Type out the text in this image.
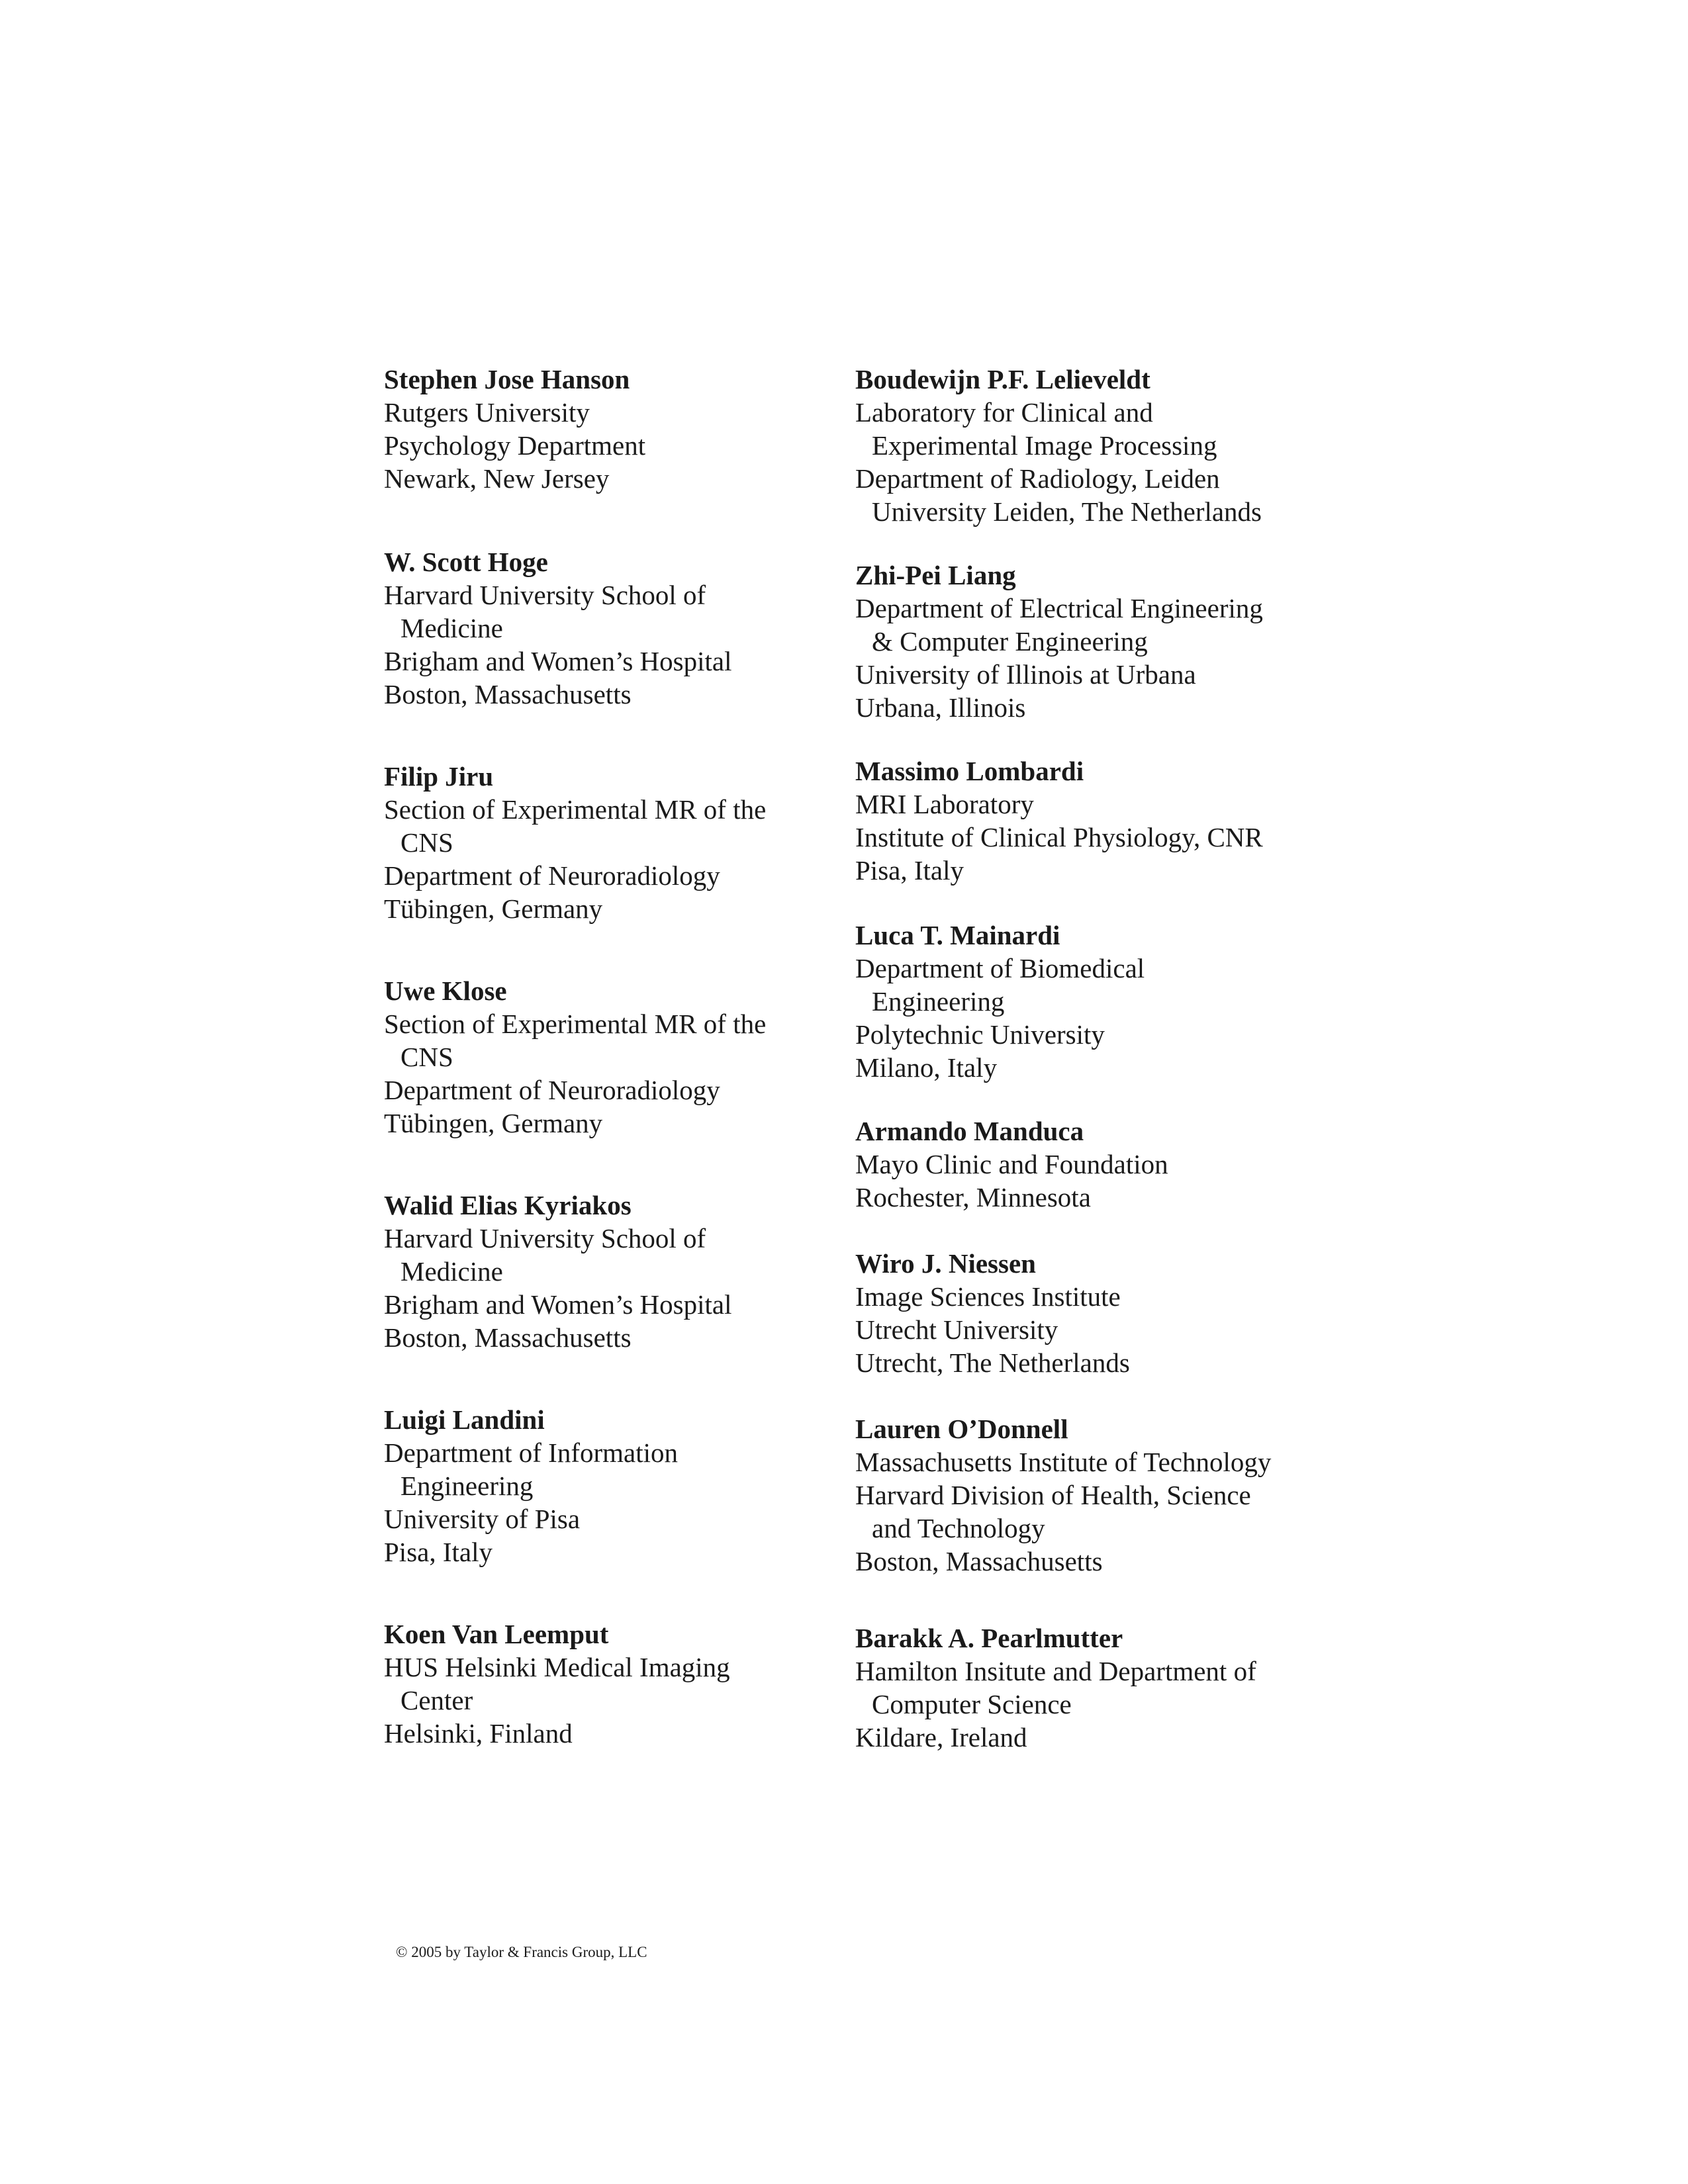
Stephen Jose Hanson
Rutgers University
Psychology Department
Newark, New Jersey
W. Scott Hoge
Harvard University School of
Medicine
Brigham and Women’s Hospital
Boston, Massachusetts
Filip Jiru
Section of Experimental MR of the
CNS
Department of Neuroradiology
Tübingen, Germany
Uwe Klose
Section of Experimental MR of the
CNS
Department of Neuroradiology
Tübingen, Germany
Walid Elias Kyriakos
Harvard University School of
Medicine
Brigham and Women’s Hospital
Boston, Massachusetts
Luigi Landini
Department of Information
Engineering
University of Pisa
Pisa, Italy
Koen Van Leemput
HUS Helsinki Medical Imaging
Center
Helsinki, Finland
Boudewijn P.F. Lelieveldt
Laboratory for Clinical and
Experimental Image Processing
Department of Radiology, Leiden
University Leiden, The Netherlands
Zhi-Pei Liang
Department of Electrical Engineering
& Computer Engineering
University of Illinois at Urbana
Urbana, Illinois
Massimo Lombardi
MRI Laboratory
Institute of Clinical Physiology, CNR
Pisa, Italy
Luca T. Mainardi
Department of Biomedical
Engineering
Polytechnic University
Milano, Italy
Armando Manduca
Mayo Clinic and Foundation
Rochester, Minnesota
Wiro J. Niessen
Image Sciences Institute
Utrecht University
Utrecht, The Netherlands
Lauren O’Donnell
Massachusetts Institute of Technology
Harvard Division of Health, Science
and Technology
Boston, Massachusetts
Barakk A. Pearlmutter
Hamilton Insitute and Department of
Computer Science
Kildare, Ireland
© 2005 by Taylor & Francis Group, LLC
